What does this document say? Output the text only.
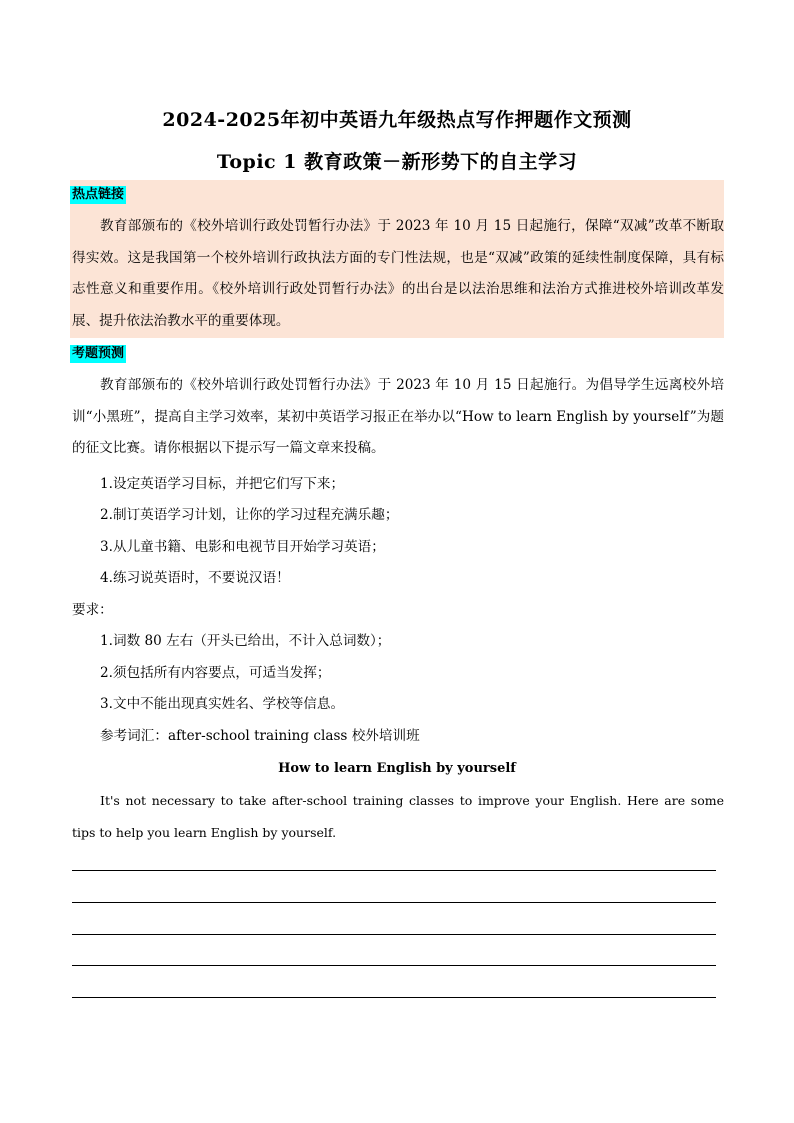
2024-2025年初中英语九年级热点写作押题作文预测
Topic 1 教育政策－新形势下的自主学习
热点链接

教育部颁布的《校外培训行政处罚暂行办法》于 2023 年 10 月 15 日起施行，保障“双减”改革不断取得实效。这是我国第一个校外培训行政执法方面的专门性法规，也是“双减”政策的延续性制度保障，具有标志性意义和重要作用。《校外培训行政处罚暂行办法》的出台是以法治思维和法治方式推进校外培训改革发展、提升依法治教水平的重要体现。

考题预测

教育部颁布的《校外培训行政处罚暂行办法》于 2023 年 10 月 15 日起施行。为倡导学生远离校外培训“小黑班”，提高自主学习效率，某初中英语学习报正在举办以“How to learn English by yourself”为题的征文比赛。请你根据以下提示写一篇文章来投稿。

1.设定英语学习目标，并把它们写下来；
2.制订英语学习计划，让你的学习过程充满乐趣；
3.从儿童书籍、电影和电视节目开始学习英语；
4.练习说英语时，不要说汉语！
要求：
1.词数 80 左右（开头已给出，不计入总词数）；
2.须包括所有内容要点，可适当发挥；
3.文中不能出现真实姓名、学校等信息。
参考词汇：after-school training class 校外培训班
How to learn English by yourself

It's not necessary to take after-school training classes to improve your English. Here are some tips to help you learn English by yourself.
